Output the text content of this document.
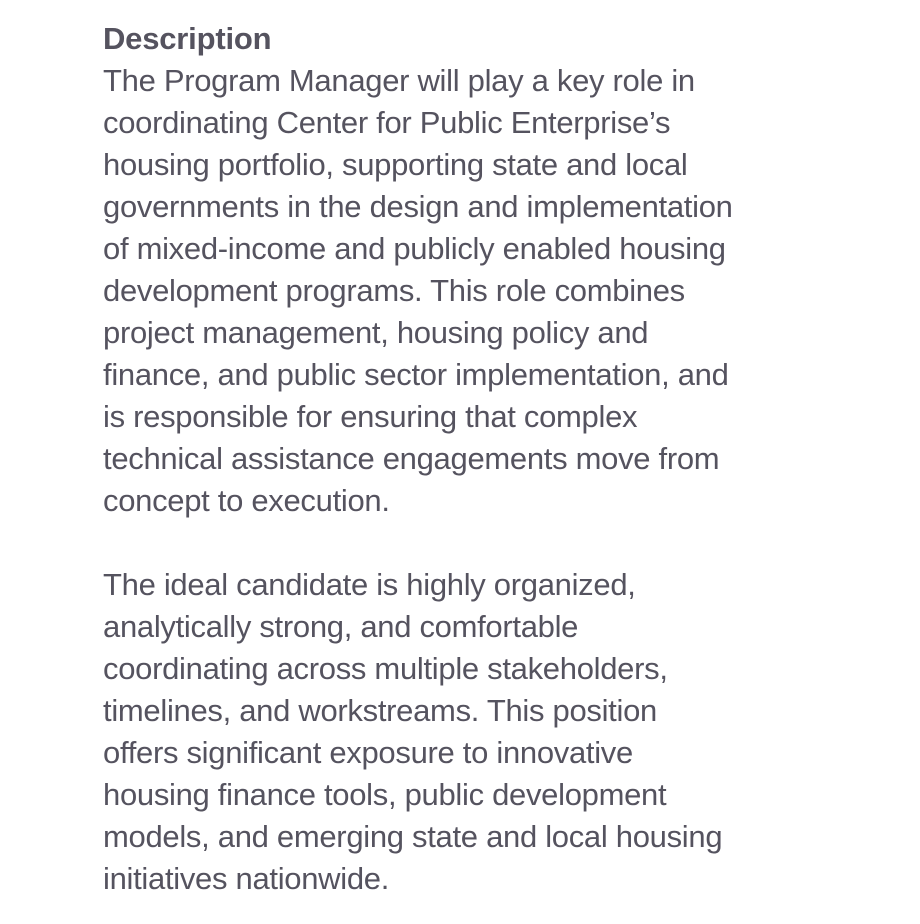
Description

The Program Manager will play a key role in
coordinating Center for Public Enterprise’s
housing portfolio, supporting state and local
governments in the design and implementation
of mixed-income and publicly enabled housing
development programs. This role combines
project management, housing policy and
finance, and public sector implementation, and
is responsible for ensuring that complex
technical assistance engagements move from
concept to execution.

The ideal candidate is highly organized,
analytically strong, and comfortable
coordinating across multiple stakeholders,
timelines, and workstreams. This position
offers significant exposure to innovative
housing finance tools, public development
models, and emerging state and local housing
initiatives nationwide.
